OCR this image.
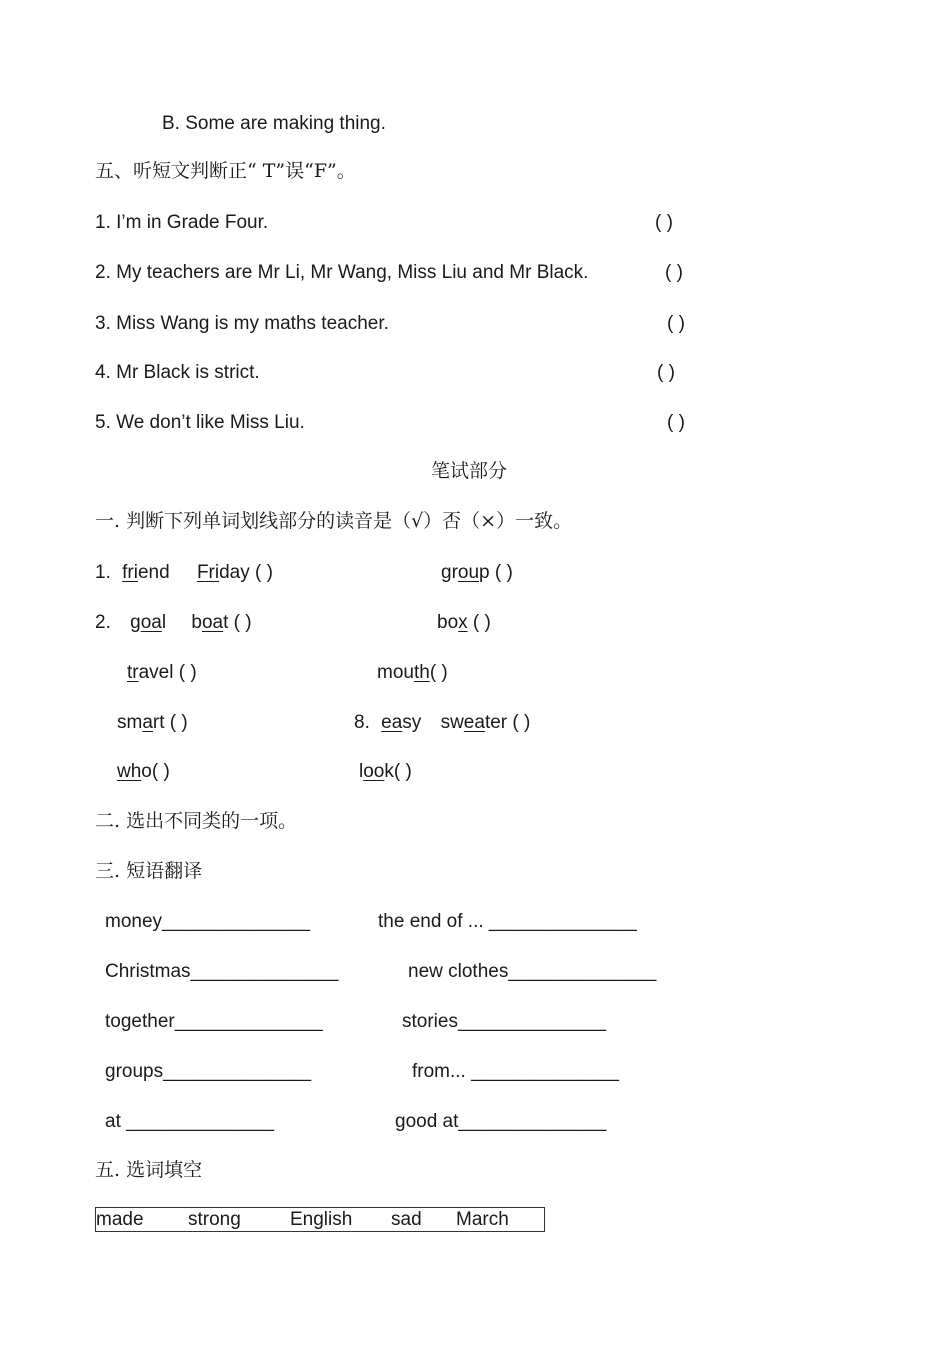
B. Some are making thing.
五、听短文判断正“ T”误“F”。
1. I’m in Grade Four.	( )
2. My teachers are Mr Li, Mr Wang, Miss Liu and Mr Black.	( )
3. Miss Wang is my maths teacher.	( )
4. Mr Black is strict.	( )
5. We don’t like Miss Liu.	( )
笔试部分
一. 判断下列单词划线部分的读音是（√）否（×）一致。
1. friend Friday ( )	group ( )
2. goal boat ( )	box ( )
travel ( )	mouth( )
smart ( )	8. easy sweater ( )
who( )	look( )
二. 选出不同类的一项。
三. 短语翻译
money______________	the end of ... ______________
Christmas______________	new clothes______________
together______________	stories______________
groups______________	from... ______________
at ______________	good at______________
五. 选词填空
made strong	English sad March
